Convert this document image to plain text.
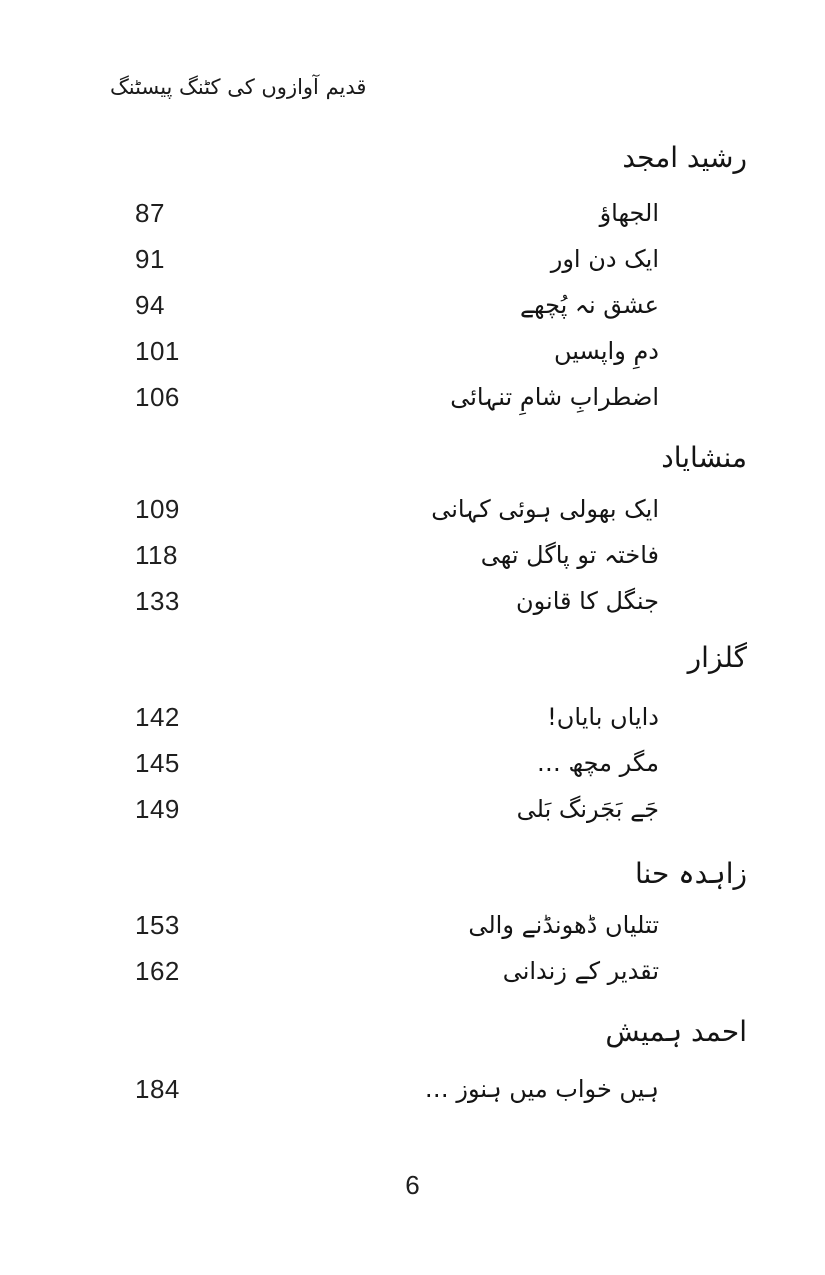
قدیم آوازوں کی کٹنگ پیسٹنگ
رشید امجد
87	الجھاؤ
91	ایک دن اور
94	عشق نہ پُچھے
101	دمِ واپسیں
106	اضطرابِ شامِ تنہائی
منشایاد
109	ایک بھولی ہوئی کہانی
118	فاختہ تو پاگل تھی
133	جنگل کا قانون
گلزار
142	دایاں بایاں!
145	مگر مچھ …
149	جَے بَجَرنگ بَلی
زاہدہ حنا
153	تتلیاں ڈھونڈنے والی
162	تقدیر کے زندانی
احمد ہمیش
184	ہیں خواب میں ہنوز …
6
